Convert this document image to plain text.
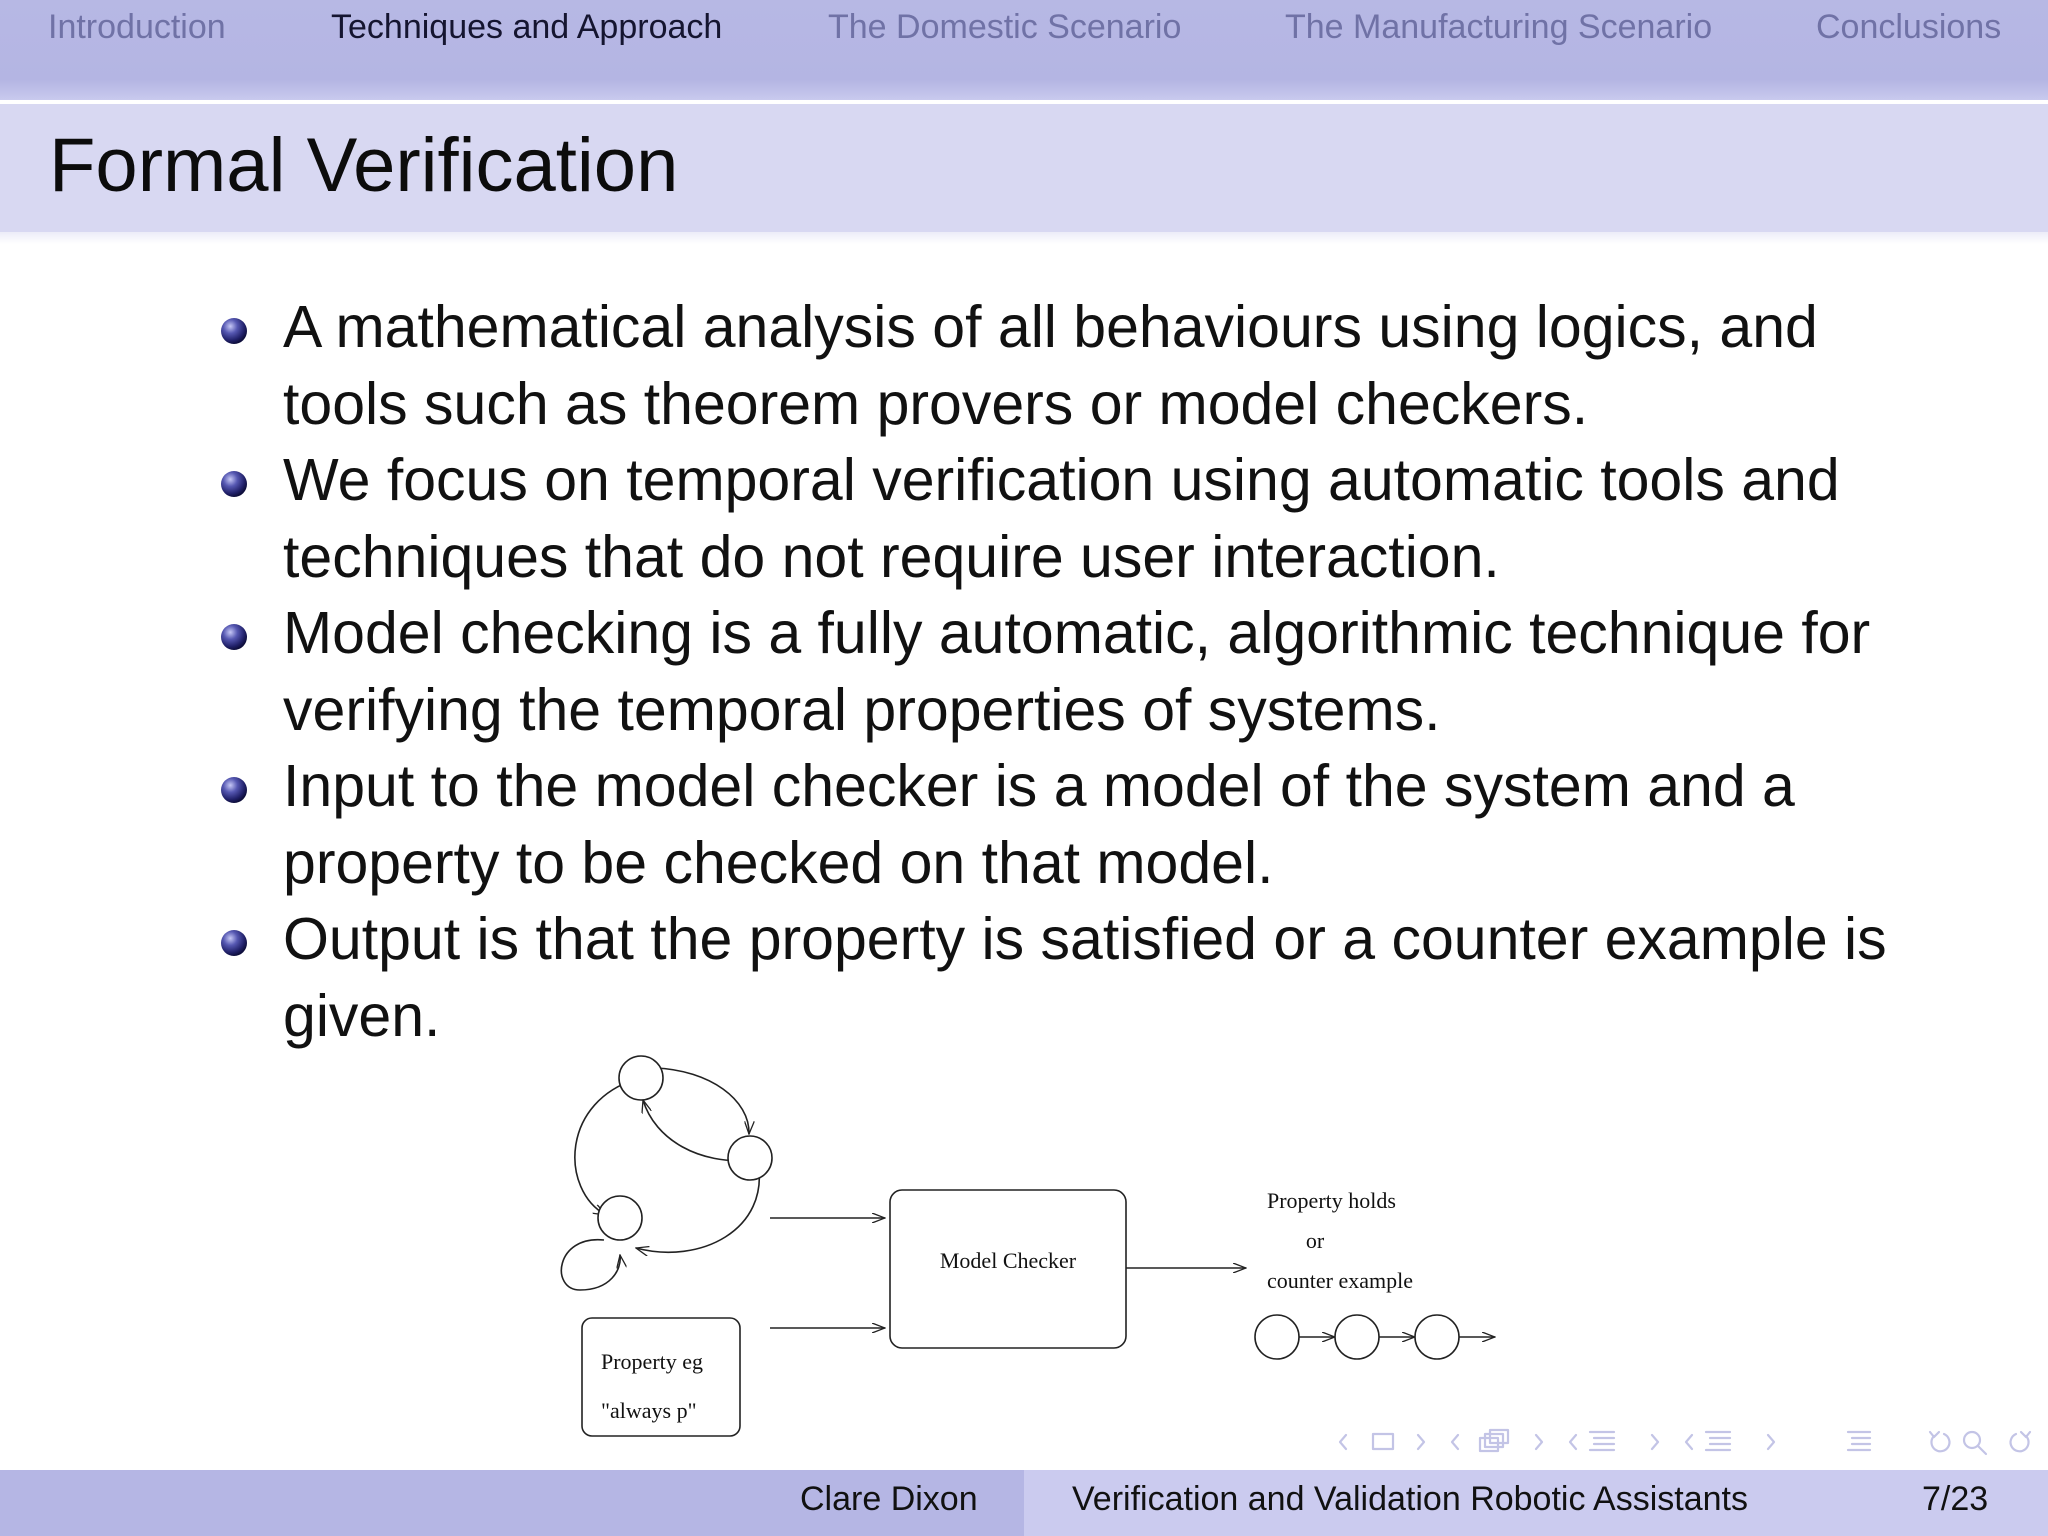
Introduction	Techniques and Approach	The Domestic Scenario	The Manufacturing Scenario	Conclusions
Formal Verification
A mathematical analysis of all behaviours using logics, and tools such as theorem provers or model checkers.
We focus on temporal verification using automatic tools and techniques that do not require user interaction.
Model checking is a fully automatic, algorithmic technique for verifying the temporal properties of systems.
Input to the model checker is a model of the system and a property to be checked on that model.
Output is that the property is satisfied or a counter example is given.
Property eg
"always p"
Model Checker
Property holds
or
counter example
Clare Dixon	Verification and Validation Robotic Assistants	7/23
